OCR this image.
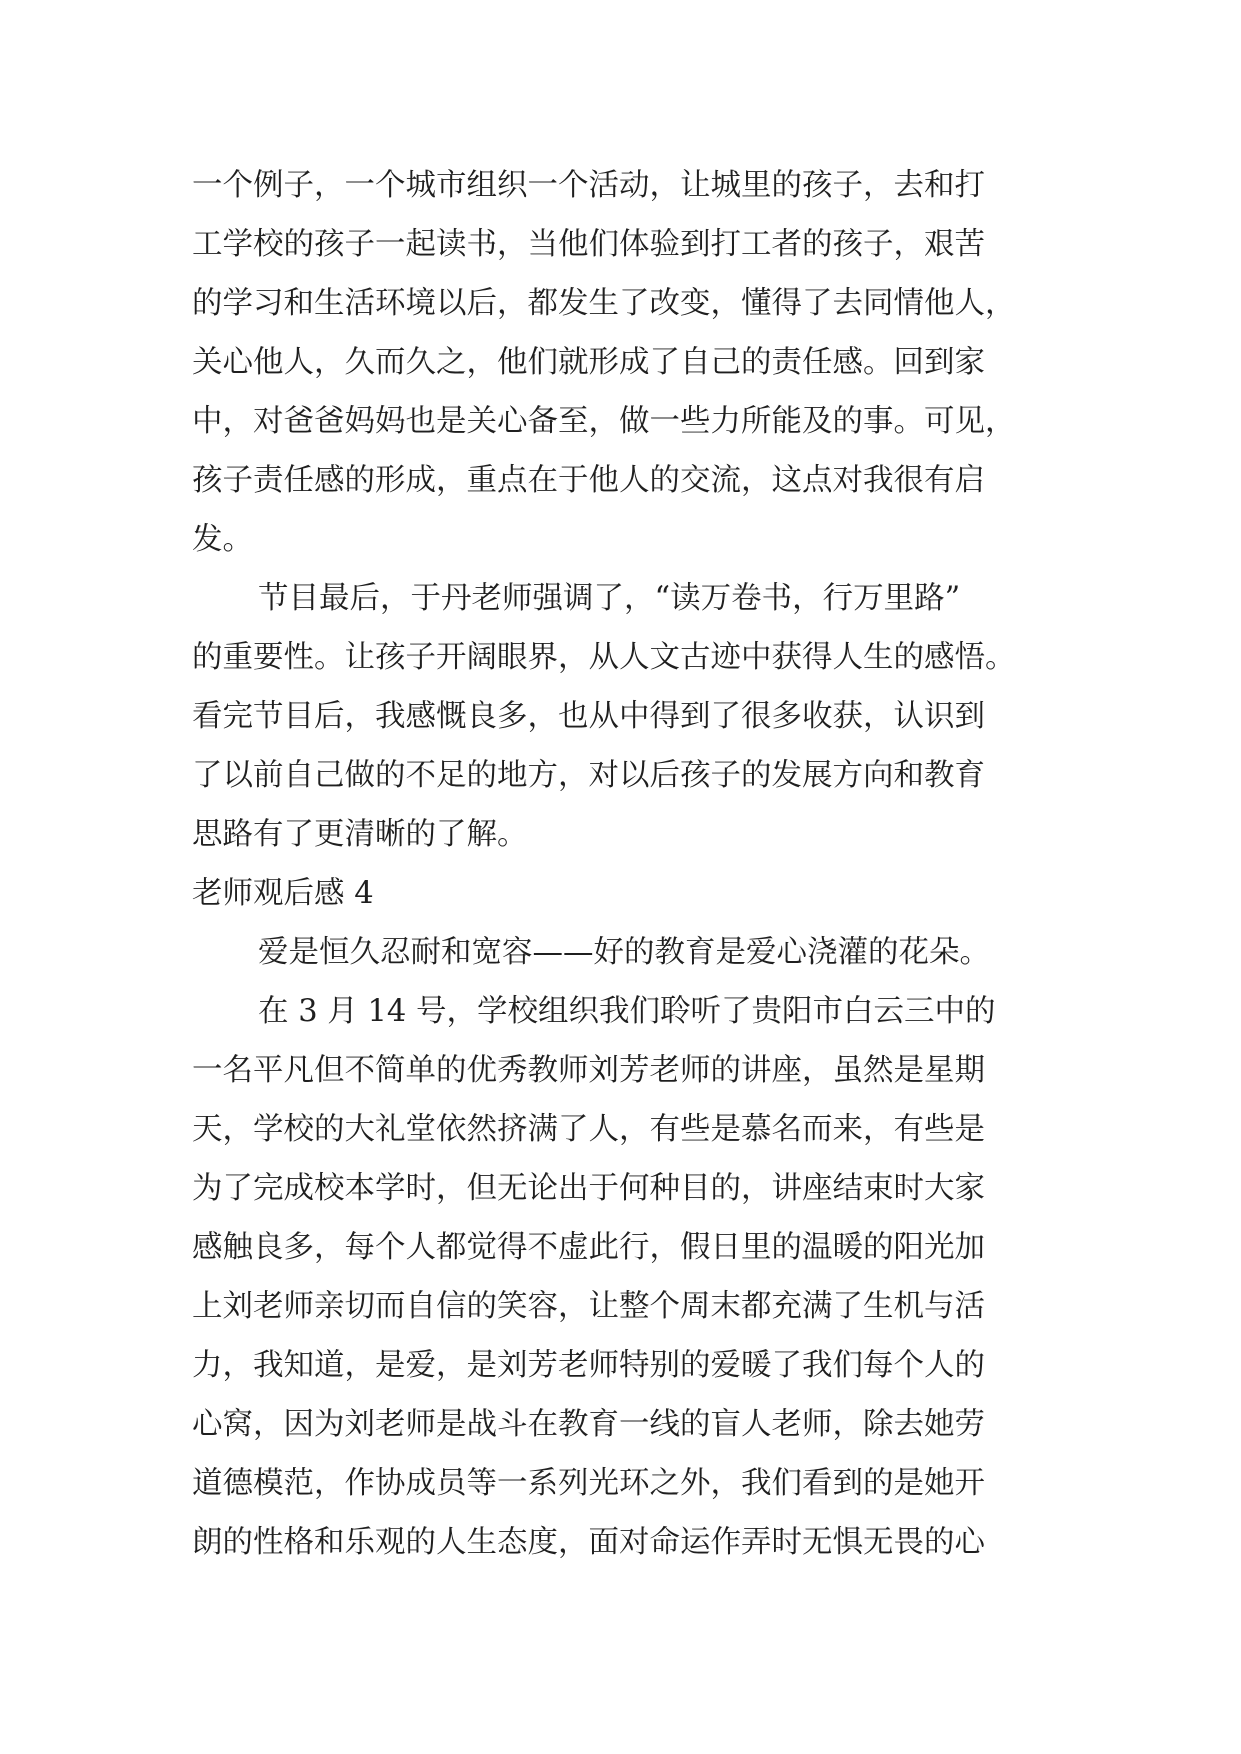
一个例子，一个城市组织一个活动，让城里的孩子，去和打
工学校的孩子一起读书，当他们体验到打工者的孩子，艰苦
的学习和生活环境以后，都发生了改变，懂得了去同情他人，
关心他人，久而久之，他们就形成了自己的责任感。回到家
中，对爸爸妈妈也是关心备至，做一些力所能及的事。可见，
孩子责任感的形成，重点在于他人的交流，这点对我很有启
发。
节目最后，于丹老师强调了，“读万卷书，行万里路”
的重要性。让孩子开阔眼界，从人文古迹中获得人生的感悟。
看完节目后，我感慨良多，也从中得到了很多收获，认识到
了以前自己做的不足的地方，对以后孩子的发展方向和教育
思路有了更清晰的了解。
老师观后感 4
爱是恒久忍耐和宽容——好的教育是爱心浇灌的花朵。
在 3 月 14 号，学校组织我们聆听了贵阳市白云三中的
一名平凡但不简单的优秀教师刘芳老师的讲座，虽然是星期
天，学校的大礼堂依然挤满了人，有些是慕名而来，有些是
为了完成校本学时，但无论出于何种目的，讲座结束时大家
感触良多，每个人都觉得不虚此行，假日里的温暖的阳光加
上刘老师亲切而自信的笑容，让整个周末都充满了生机与活
力，我知道，是爱，是刘芳老师特别的爱暖了我们每个人的
心窝，因为刘老师是战斗在教育一线的盲人老师，除去她劳
道德模范，作协成员等一系列光环之外，我们看到的是她开
朗的性格和乐观的人生态度，面对命运作弄时无惧无畏的心
